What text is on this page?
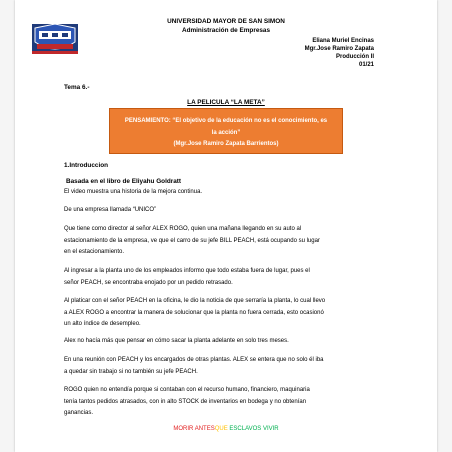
UNIVERSIDAD MAYOR DE SAN SIMON
Administración de Empresas
Eliana Muriel Encinas
Mgr.Jose Ramiro Zapata
Producción II
01/21
Tema 6.-
LA PELICULA “LA META”
PENSAMIENTO: “El objetivo de la educación no es el conocimiento, es
la acción”
(Mgr.Jose Ramiro Zapata Barrientos)
1.Introduccion
Basada en el libro de Eliyahu Goldratt
El video muestra una historia de la mejora continua.
De una empresa llamada “UNICO”
Que tiene como director al señor ALEX ROGO, quien una mañana llegando en su auto al
estacionamiento de la empresa, ve que el carro de su jefe BILL PEACH, está ocupando su lugar
en el estacionamiento.
Al ingresar a la planta uno de los empleados informo que todo estaba fuera de lugar, pues el
señor PEACH, se encontraba enojado por un pedido retrasado.
Al platicar con el señor PEACH en la oficina, le dio la noticia de que serraría la planta, lo cual llevo
a ALEX ROGO a encontrar la manera de solucionar que la planta no fuera cerrada, esto ocasionó
un alto índice de desempleo.
Alex no hacía más que pensar en cómo sacar la planta adelante en solo tres meses.
En una reunión con PEACH y los encargados de otras plantas. ALEX se entera que no solo él iba
a quedar sin trabajo si no también su jefe PEACH.
ROGO quien no entendía porque si contaban con el recurso humano, financiero, maquinaria
tenía tantos pedidos atrasados, con in alto STOCK de inventarios en bodega y no obtenían
ganancias.
MORIR ANTESQUE ESCLAVOS VIVIR
